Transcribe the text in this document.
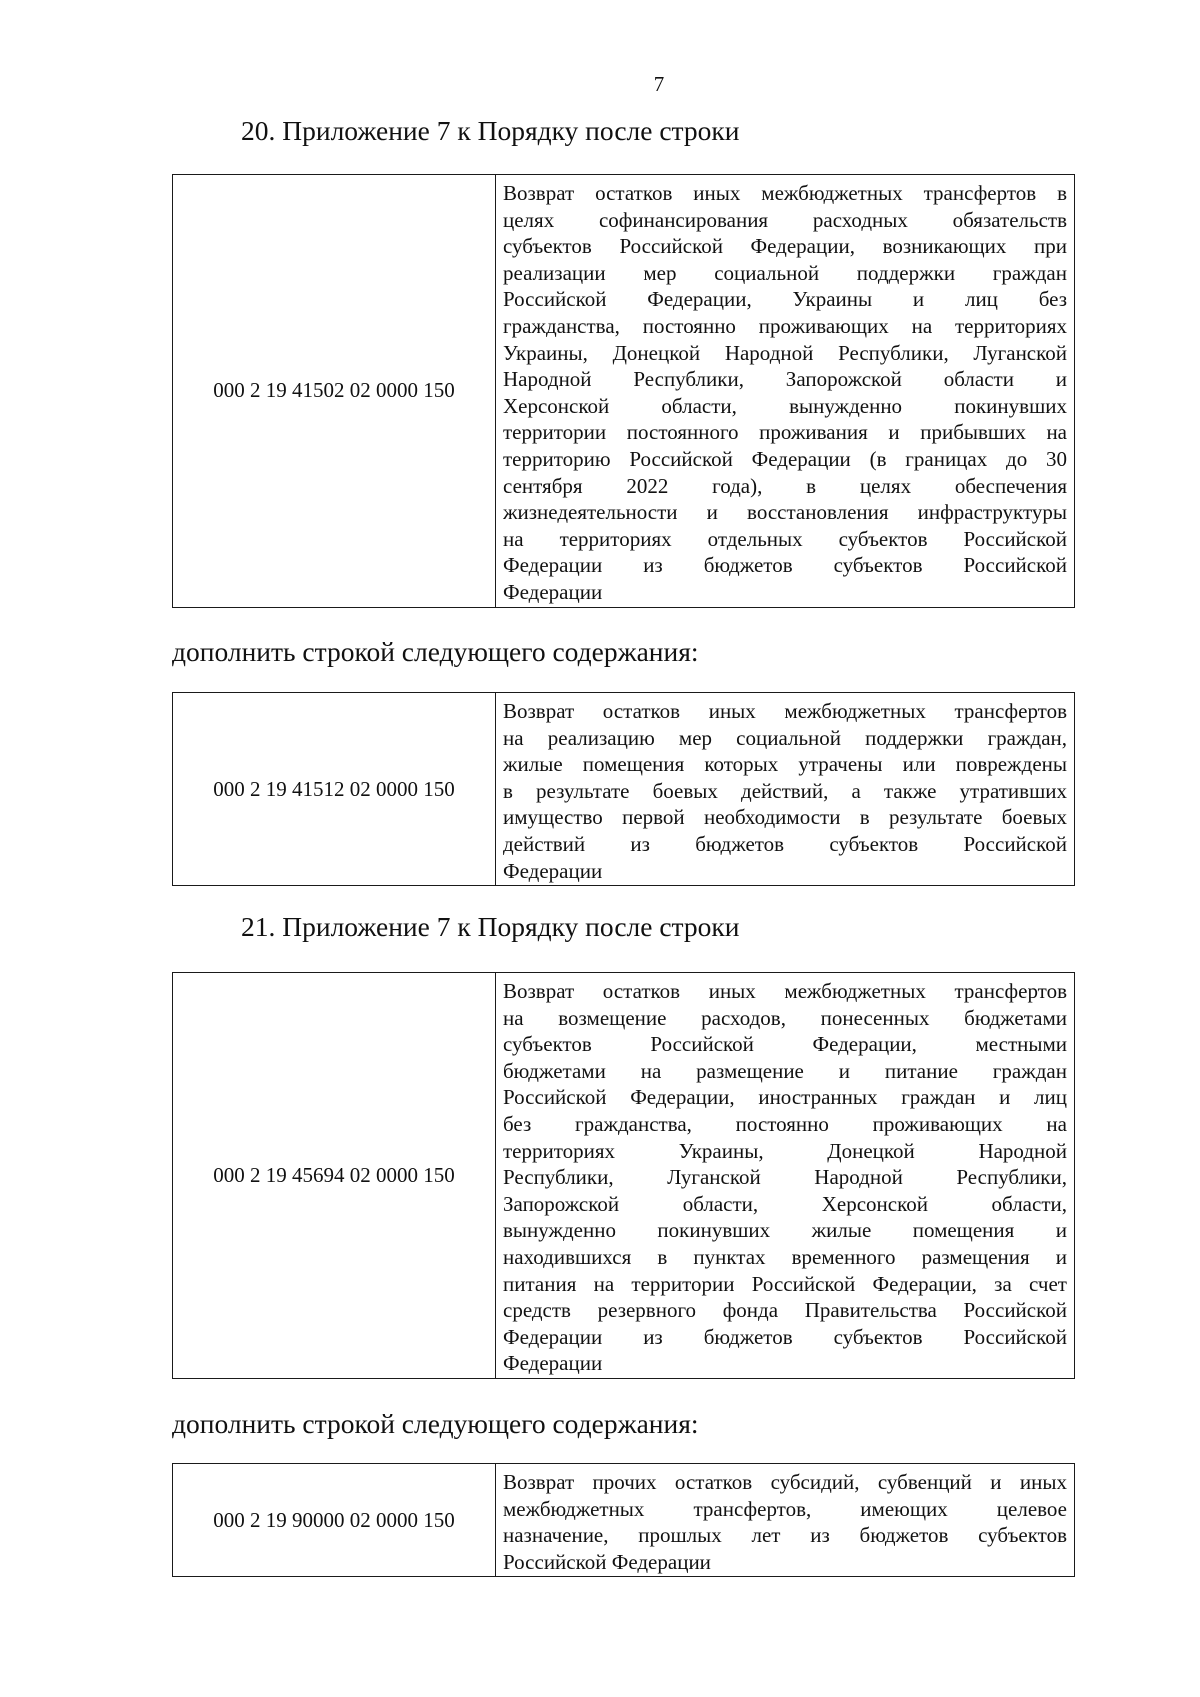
7
20. Приложение 7 к Порядку после строки
000 2 19 41502 02 0000 150	
Возврат остатков иных межбюджетных трансфертов в
целях софинансирования расходных обязательств
субъектов Российской Федерации, возникающих при
реализации мер социальной поддержки граждан
Российской Федерации, Украины и лиц без
гражданства, постоянно проживающих на территориях
Украины, Донецкой Народной Республики, Луганской
Народной Республики, Запорожской области и
Херсонской области, вынужденно покинувших
территории постоянного проживания и прибывших на
территорию Российской Федерации (в границах до 30
сентября 2022 года), в целях обеспечения
жизнедеятельности и восстановления инфраструктуры
на территориях отдельных субъектов Российской
Федерации из бюджетов субъектов Российской
Федерации
дополнить строкой следующего содержания:
000 2 19 41512 02 0000 150	
Возврат остатков иных межбюджетных трансфертов
на реализацию мер социальной поддержки граждан,
жилые помещения которых утрачены или повреждены
в результате боевых действий, а также утративших
имущество первой необходимости в результате боевых
действий из бюджетов субъектов Российской
Федерации
21. Приложение 7 к Порядку после строки
000 2 19 45694 02 0000 150	
Возврат остатков иных межбюджетных трансфертов
на возмещение расходов, понесенных бюджетами
субъектов Российской Федерации, местными
бюджетами на размещение и питание граждан
Российской Федерации, иностранных граждан и лиц
без гражданства, постоянно проживающих на
территориях Украины, Донецкой Народной
Республики, Луганской Народной Республики,
Запорожской области, Херсонской области,
вынужденно покинувших жилые помещения и
находившихся в пунктах временного размещения и
питания на территории Российской Федерации, за счет
средств резервного фонда Правительства Российской
Федерации из бюджетов субъектов Российской
Федерации
дополнить строкой следующего содержания:
000 2 19 90000 02 0000 150	
Возврат прочих остатков субсидий, субвенций и иных
межбюджетных трансфертов, имеющих целевое
назначение, прошлых лет из бюджетов субъектов
Российской Федерации
